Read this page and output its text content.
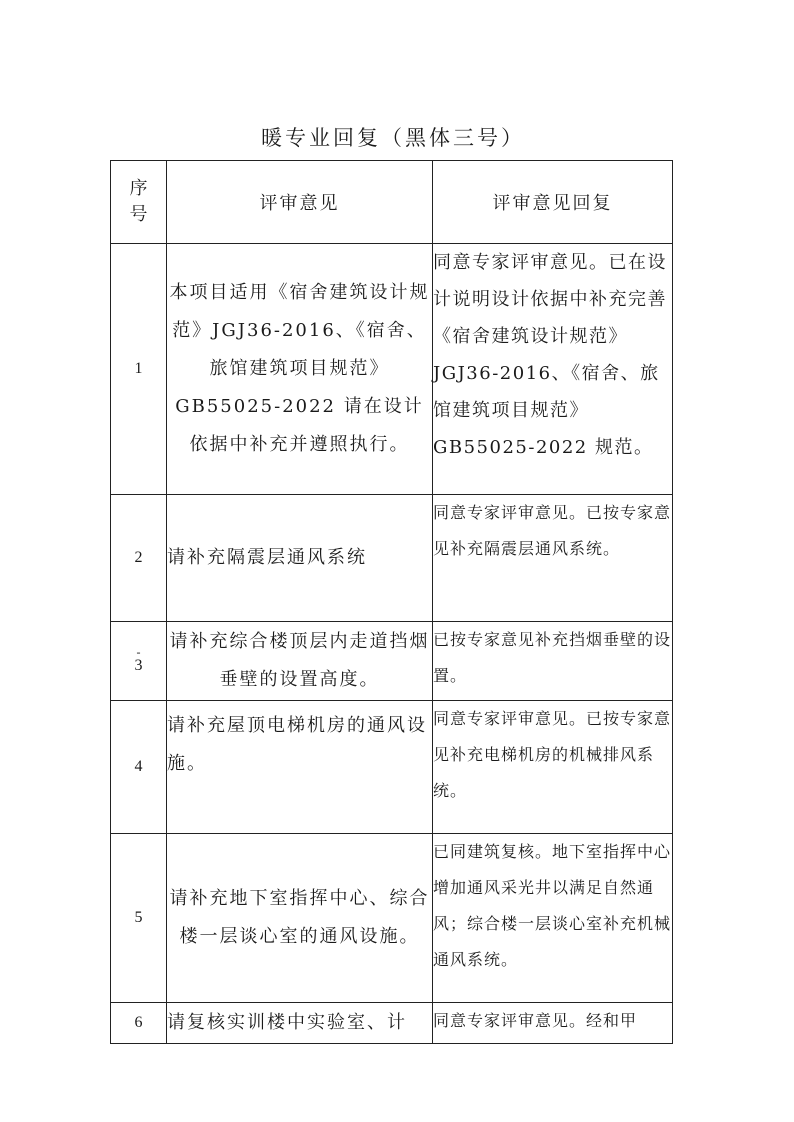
暖专业回复（黑体三号）
序
号	评审意见	评审意见回复
1	本项目适用《宿舍建筑设计规范》JGJ36-2016、《宿舍、旅馆建筑项目规范》GB55025-2022 请在设计依据中补充并遵照执行。	同意专家评审意见。已在设计说明设计依据中补充完善《宿舍建筑设计规范》JGJ36-2016、《宿舍、旅馆建筑项目规范》GB55025-2022 规范。
2	请补充隔震层通风系统	同意专家评审意见。已按专家意见补充隔震层通风系统。

-
3	请补充综合楼顶层内走道挡烟垂壁的设置高度。	已按专家意见补充挡烟垂壁的设置。
4	请补充屋顶电梯机房的通风设施。	同意专家评审意见。已按专家意见补充电梯机房的机械排风系统。
5	请补充地下室指挥中心、综合楼一层谈心室的通风设施。	已同建筑复核。地下室指挥中心增加通风采光井以满足自然通风；综合楼一层谈心室补充机械通风系统。
6	请复核实训楼中实验室、计	同意专家评审意见。经和甲
